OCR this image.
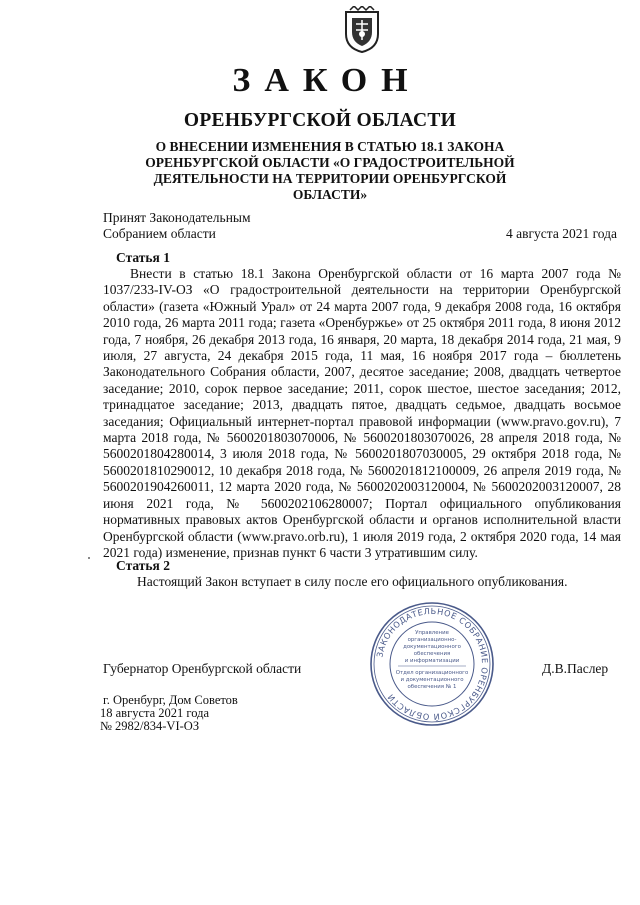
ЗАКОН
ОРЕНБУРГСКОЙ ОБЛАСТИ
О ВНЕСЕНИИ ИЗМЕНЕНИЯ В СТАТЬЮ 18.1 ЗАКОНА
ОРЕНБУРГСКОЙ ОБЛАСТИ «О ГРАДОСТРОИТЕЛЬНОЙ
ДЕЯТЕЛЬНОСТИ НА ТЕРРИТОРИИ ОРЕНБУРГСКОЙ ОБЛАСТИ»
Принят Законодательным
Собранием области	4 августа 2021 года
Статья 1
Внести в статью 18.1 Закона Оренбургской области от 16 марта 2007 года № 1037/233-IV-ОЗ «О градостроительной деятельности на территории Оренбургской области» (газета «Южный Урал» от 24 марта 2007 года, 9 декабря 2008 года, 16 октября 2010 года, 26 марта 2011 года; газета «Оренбуржье» от 25 октября 2011 года, 8 июня 2012 года, 7 ноября, 26 декабря 2013 года, 16 января, 20 марта, 18 декабря 2014 года, 21 мая, 9 июля, 27 августа, 24 декабря 2015 года, 11 мая, 16 ноября 2017 года – бюллетень Законодательного Собрания области, 2007, десятое заседание; 2008, двадцать четвертое заседание; 2010, сорок первое заседание; 2011, сорок шестое, шестое заседания; 2012, тринадцатое заседание; 2013, двадцать пятое, двадцать седьмое, двадцать восьмое заседания; Официальный интернет-портал правовой информации (www.pravo.gov.ru), 7 марта 2018 года, № 5600201803070006, № 5600201803070026, 28 апреля 2018 года, № 5600201804280014, 3 июля 2018 года, № 5600201807030005, 29 октября 2018 года, № 5600201810290012, 10 декабря 2018 года, № 5600201812100009, 26 апреля 2019 года, № 5600201904260011, 12 марта 2020 года, № 5600202003120004, № 5600202003120007, 28 июня 2021 года, № 5600202106280007; Портал официального опубликования нормативных правовых актов Оренбургской области и органов исполнительной власти Оренбургской области (www.pravo.orb.ru), 1 июля 2019 года, 2 октября 2020 года, 14 мая 2021 года) изменение, признав пункт 6 части 3 утратившим силу.
Статья 2
Настоящий Закон вступает в силу после его официального опубликования.
ЗАКОНОДАТЕЛЬНОЕ СОБРАНИЕ ОРЕНБУРГСКОЙ ОБЛАСТИ
Управление
организационно-
документационного
обеспечения
и информатизации
Отдел организационного
и документационного
обеспечения № 1
Губернатор Оренбургской области	Д.В.Паслер
г. Оренбург, Дом Советов
18 августа 2021 года
№ 2982/834-VI-ОЗ
